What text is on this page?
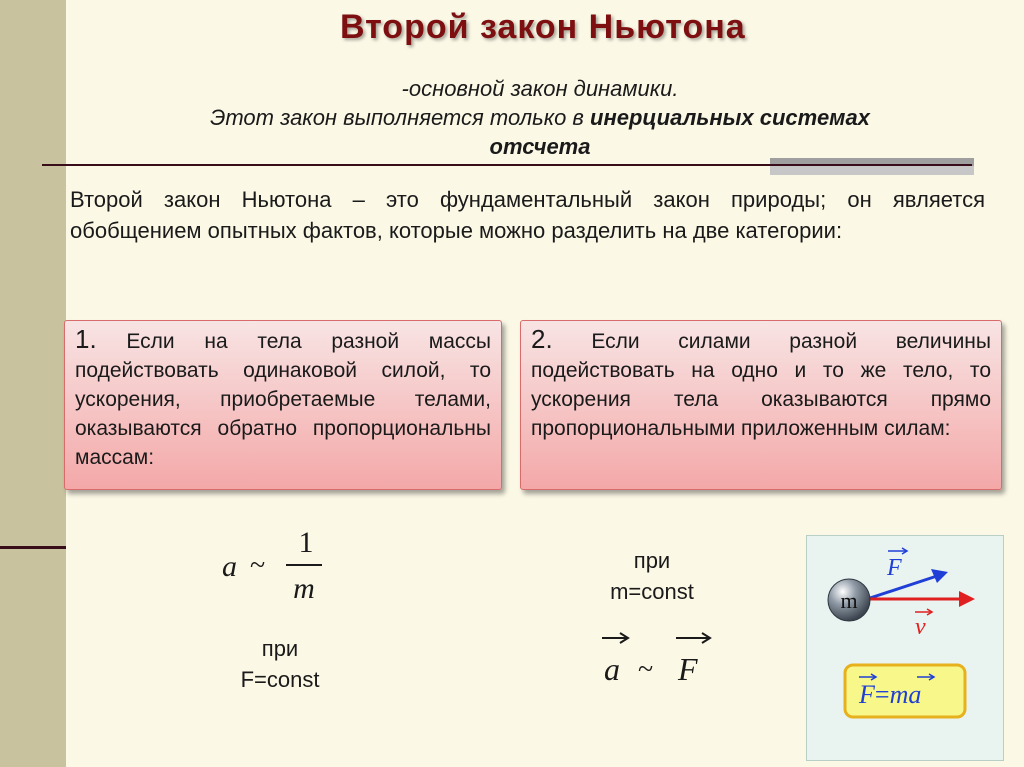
Второй закон Ньютона
-основной закон динамики.
Этот закон выполняется только в инерциальных системах
отсчета
Второй закон Ньютона – это фундаментальный закон природы; он является обобщением опытных фактов, которые можно разделить на две категории:
1. Если на тела разной массы подействовать одинаковой силой, то ускорения, приобретаемые телами, оказываются обратно пропорциональны массам:
2. Если силами разной величины подействовать на одно и то же тело, то ускорения тела оказываются прямо пропорциональными приложенным силам:
a ~
1
m
при
F=const
при
m=const
a ~ F
m
F
v
F=ma
